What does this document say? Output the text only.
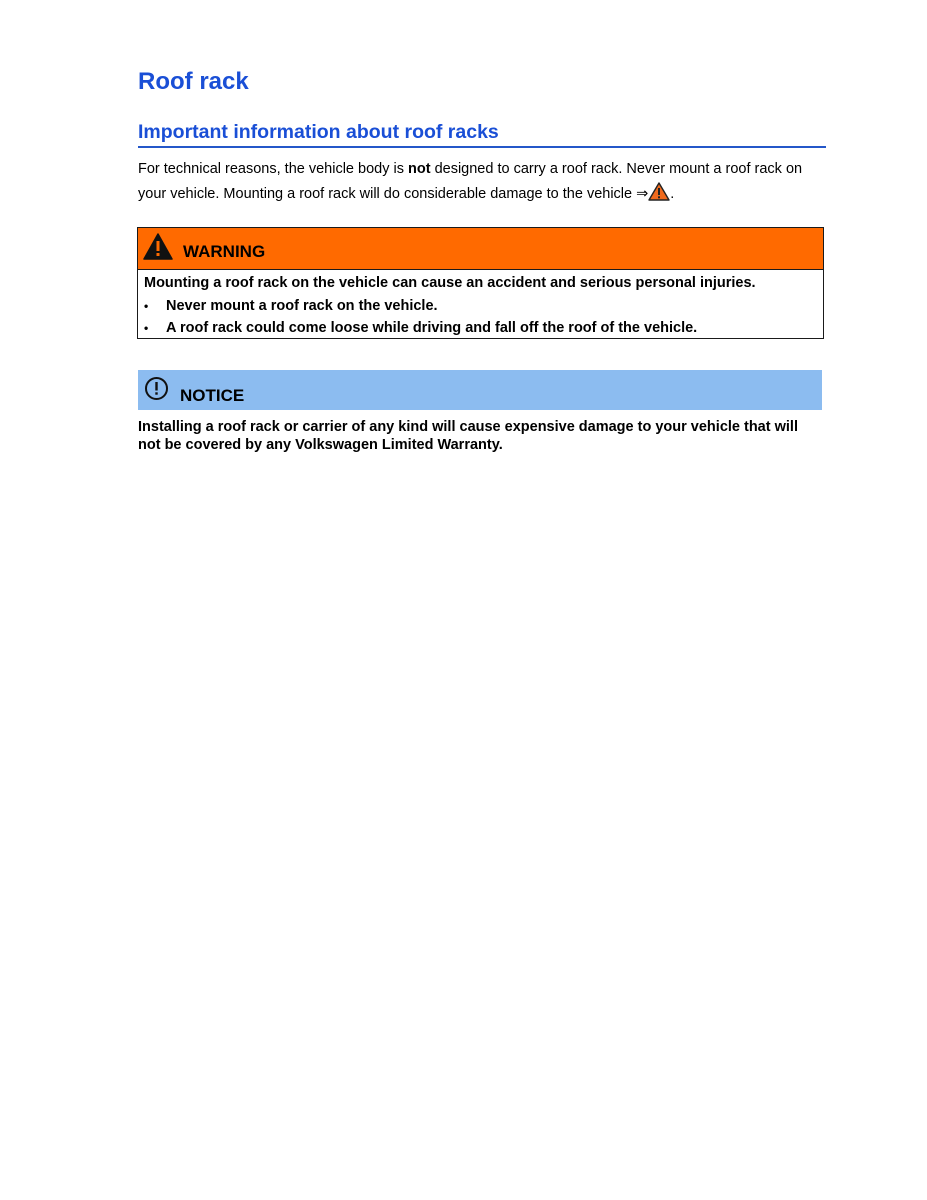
Roof rack
Important information about roof racks

For technical reasons, the vehicle body is not designed to carry a roof rack. Never mount a roof rack on your vehicle. Mounting a roof rack will do considerable damage to the vehicle ⇒ .

WARNING
Mounting a roof rack on the vehicle can cause an accident and serious personal injuries.
• Never mount a roof rack on the vehicle.
• A roof rack could come loose while driving and fall off the roof of the vehicle.
NOTICE

Installing a roof rack or carrier of any kind will cause expensive damage to your vehicle that will not be covered by any Volkswagen Limited Warranty.
